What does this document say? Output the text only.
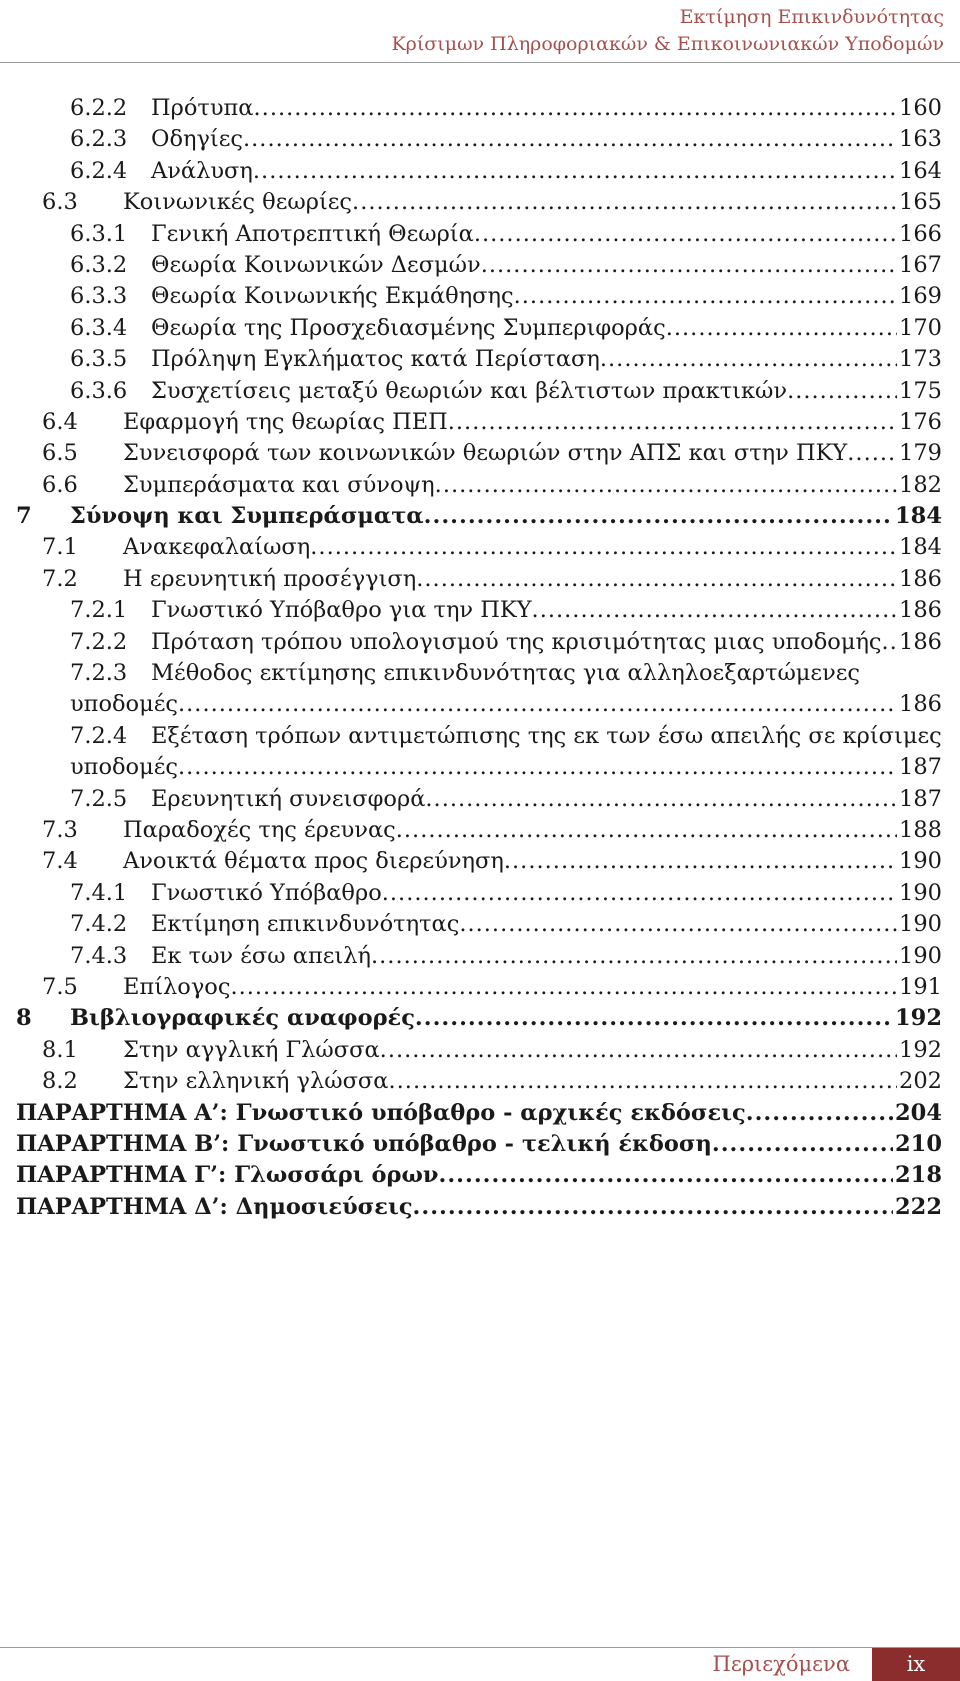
Εκτίμηση Επικινδυνότητας
Κρίσιμων Πληροφοριακών & Επικοινωνιακών Υποδομών
6.2.2 Πρότυπα .....	160
6.2.3 Οδηγίες .....	163
6.2.4 Ανάλυση .....	164
6.3 Κοινωνικές θεωρίες .....	165
6.3.1 Γενική Αποτρεπτική Θεωρία .....	166
6.3.2 Θεωρία Κοινωνικών Δεσμών .....	167
6.3.3 Θεωρία Κοινωνικής Εκμάθησης .....	169
6.3.4 Θεωρία της Προσχεδιασμένης Συμπεριφοράς .....	170
6.3.5 Πρόληψη Εγκλήματος κατά Περίσταση .....	173
6.3.6 Συσχετίσεις μεταξύ θεωριών και βέλτιστων πρακτικών .....	175
6.4 Εφαρμογή της θεωρίας ΠΕΠ .....	176
6.5 Συνεισφορά των κοινωνικών θεωριών στην ΑΠΣ και στην ΠΚΥ ..... 179
6.6 Συμπεράσματα και σύνοψη .....	182
7 Σύνοψη και Συμπεράσματα .....	184
7.1 Ανακεφαλαίωση .....	184
7.2 Η ερευνητική προσέγγιση .....	186
7.2.1 Γνωστικό Υπόβαθρο για την ΠΚΥ .....	186
7.2.2 Πρόταση τρόπου υπολογισμού της κρισιμότητας μιας υποδομής ..... 186
7.2.3 Μέθοδος εκτίμησης επικινδυνότητας για αλληλοεξαρτώμενες
υποδομές .....	186
7.2.4 Εξέταση τρόπων αντιμετώπισης της εκ των έσω απειλής σε κρίσιμες
υποδομές .....	187
7.2.5 Ερευνητική συνεισφορά .....	187
7.3 Παραδοχές της έρευνας .....	188
7.4 Ανοικτά θέματα προς διερεύνηση .....	190
7.4.1 Γνωστικό Υπόβαθρο .....	190
7.4.2 Εκτίμηση επικινδυνότητας .....	190
7.4.3 Εκ των έσω απειλή .....	190
7.5 Επίλογος .....	191
8 Βιβλιογραφικές αναφορές .....	192
8.1 Στην αγγλική Γλώσσα .....	192
8.2 Στην ελληνική γλώσσα .....	202
ΠΑΡΑΡΤΗΜΑ Α’: Γνωστικό υπόβαθρο - αρχικές εκδόσεις .....	204
ΠΑΡΑΡΤΗΜΑ Β’: Γνωστικό υπόβαθρο - τελική έκδοση .....	210
ΠΑΡΑΡΤΗΜΑ Γ’: Γλωσσάρι όρων .....	218
ΠΑΡΑΡΤΗΜΑ Δ’: Δημοσιεύσεις .....	222
Περιεχόμενα	ix
